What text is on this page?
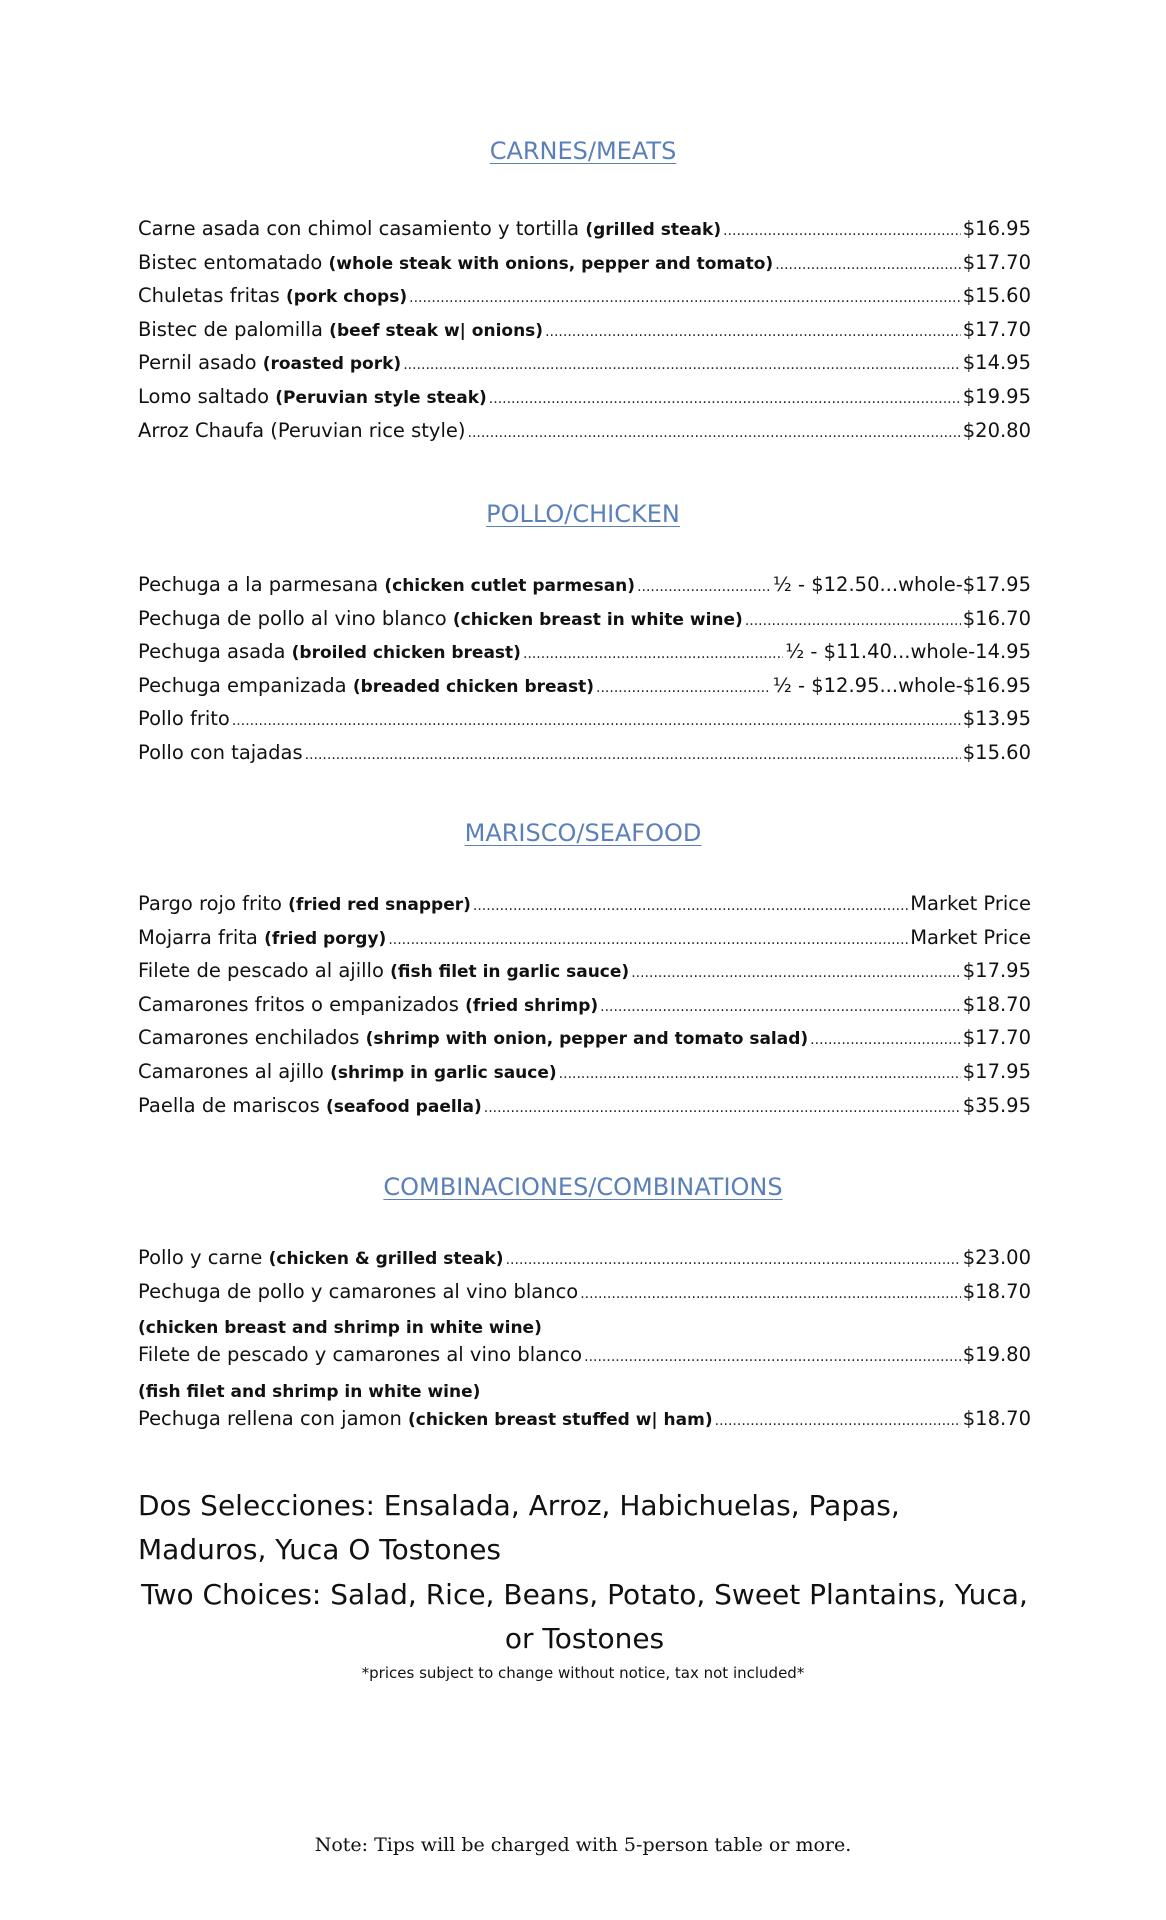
CARNES/MEATS
Carne asada con chimol casamiento y tortilla (grilled steak) .....	$16.95
Bistec entomatado (whole steak with onions, pepper and tomato) .....	$17.70
Chuletas fritas (pork chops) .....	$15.60
Bistec de palomilla (beef steak w| onions) .....	$17.70
Pernil asado (roasted pork) .....	$14.95
Lomo saltado (Peruvian style steak) .....	$19.95
Arroz Chaufa (Peruvian rice style) .....	$20.80
POLLO/CHICKEN
Pechuga a la parmesana (chicken cutlet parmesan) .....	½ - $12.50...whole-$17.95
Pechuga de pollo al vino blanco (chicken breast in white wine) .....	$16.70
Pechuga asada (broiled chicken breast) .....	½ - $11.40...whole-14.95
Pechuga empanizada (breaded chicken breast) .....	½ - $12.95...whole-$16.95
Pollo frito .....	$13.95
Pollo con tajadas .....	$15.60
MARISCO/SEAFOOD
Pargo rojo frito (fried red snapper) .....	Market Price
Mojarra frita (fried porgy) .....	Market Price
Filete de pescado al ajillo (fish filet in garlic sauce) .....	$17.95
Camarones fritos o empanizados (fried shrimp) .....	$18.70
Camarones enchilados (shrimp with onion, pepper and tomato salad) .....	$17.70
Camarones al ajillo (shrimp in garlic sauce) .....	$17.95
Paella de mariscos (seafood paella) .....	$35.95
COMBINACIONES/COMBINATIONS
Pollo y carne (chicken & grilled steak) .....	$23.00
Pechuga de pollo y camarones al vino blanco .....	$18.70
(chicken breast and shrimp in white wine)
Filete de pescado y camarones al vino blanco .....	$19.80
(fish filet and shrimp in white wine)
Pechuga rellena con jamon (chicken breast stuffed w| ham) .....	$18.70
Dos Selecciones: Ensalada, Arroz, Habichuelas, Papas, Maduros, Yuca O Tostones
Two Choices: Salad, Rice, Beans, Potato, Sweet Plantains, Yuca, or Tostones
*prices subject to change without notice, tax not included*
Note: Tips will be charged with 5-person table or more.
